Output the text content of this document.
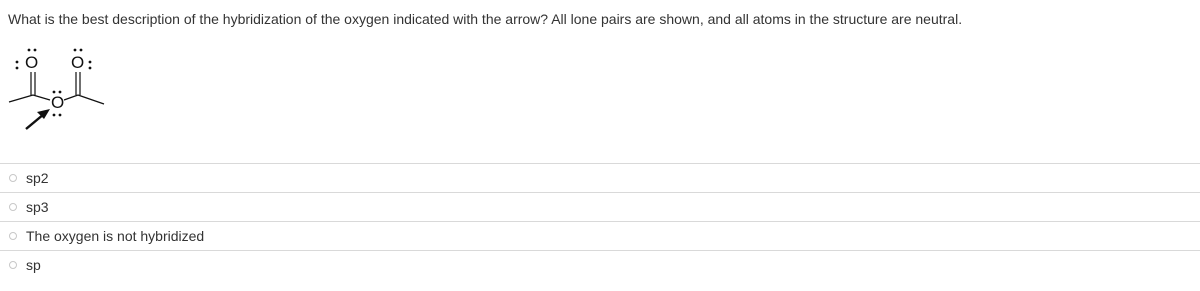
What is the best description of the hybridization of the oxygen indicated with the arrow? All lone pairs are shown, and all atoms in the structure are neutral.
O O
O
sp2
sp3
The oxygen is not hybridized
sp
